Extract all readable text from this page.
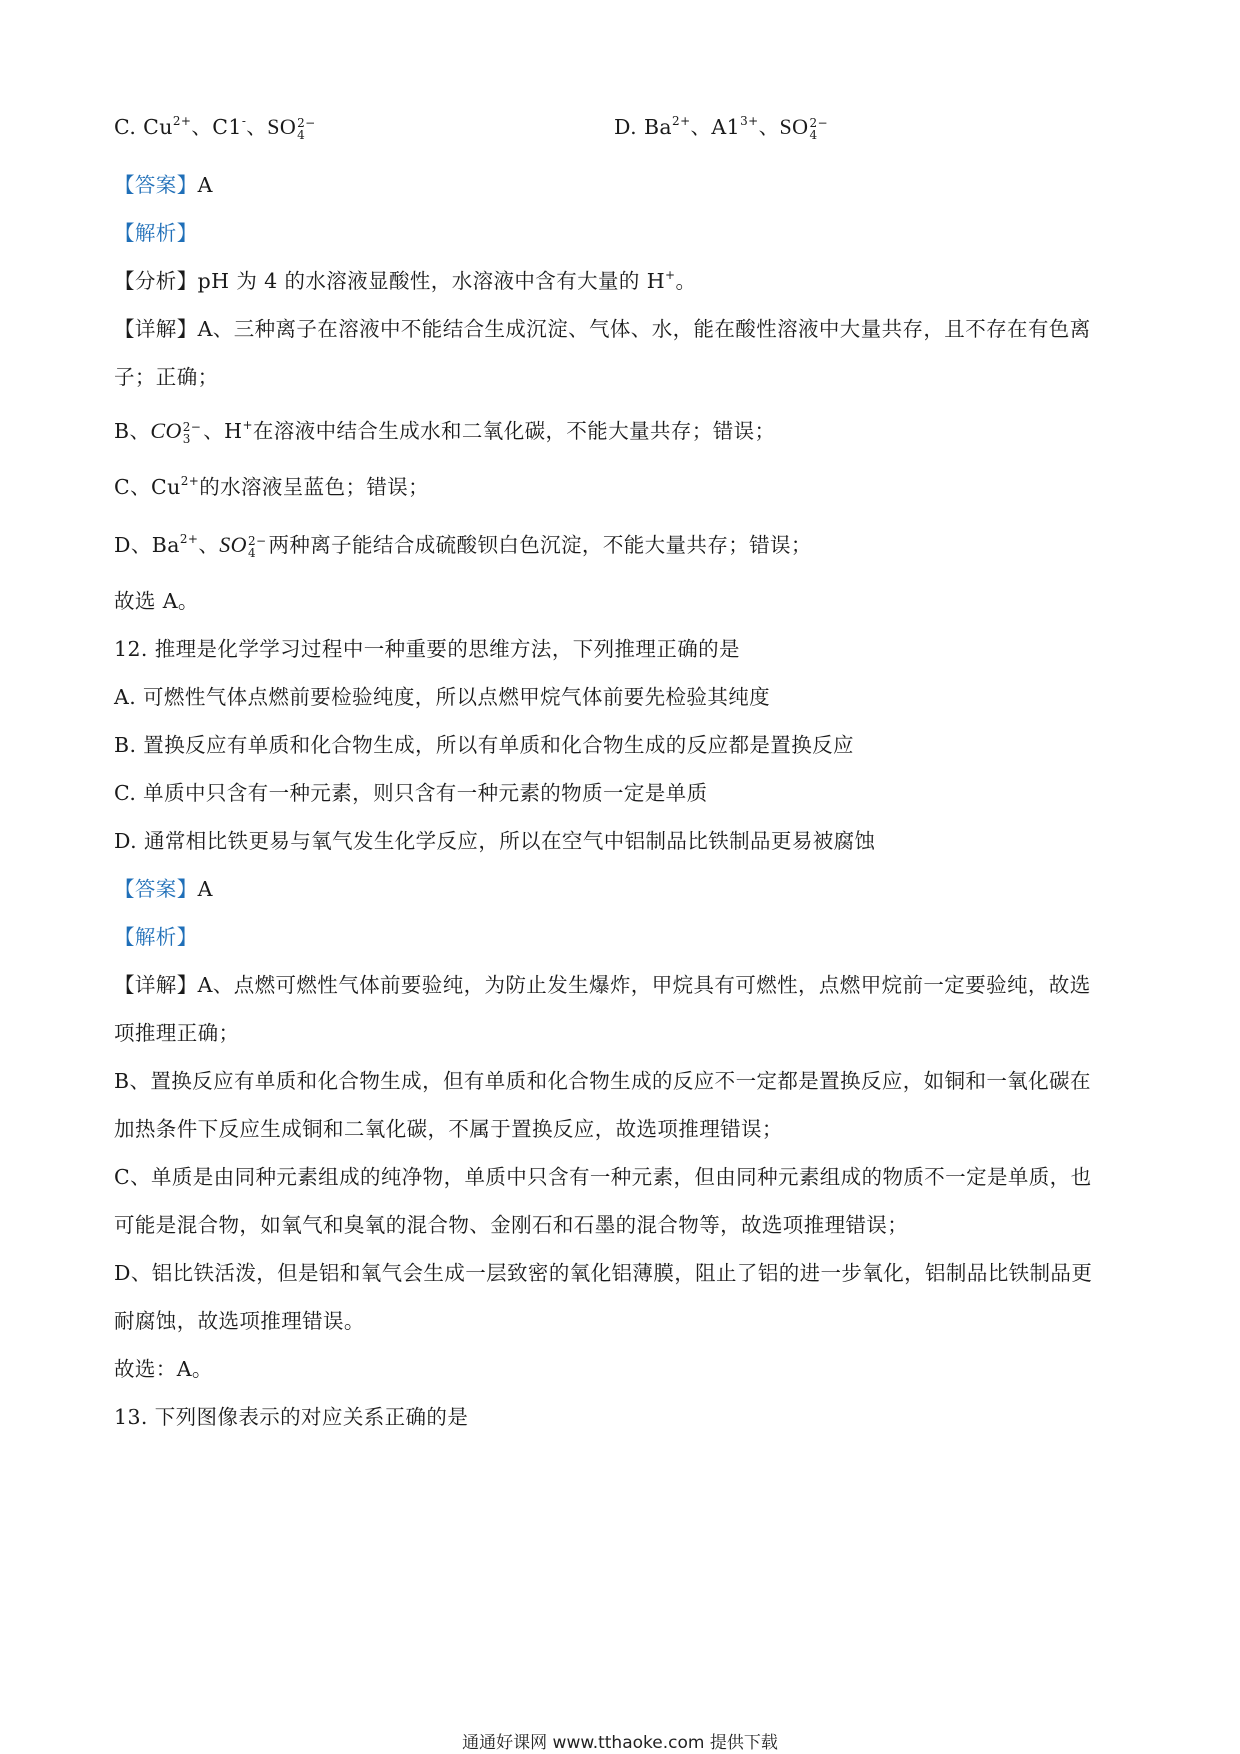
C. $Cu^{2+}$、C1-、SO 2−
4	D. $Ba^{2+}$、$A1^{3+}$、SO 2−
4
【答案】A
【解析】
【分析】pH 为 4 的水溶液显酸性，水溶液中含有大量的 H+。
【详解】A、三种离子在溶液中不能结合生成沉淀、气体、水，能在酸性溶液中大量共存，且不存在有色离
子；正确；
B、CO 2−
3 、H+在溶液中结合生成水和二氧化碳，不能大量共存；错误；
C、$Cu^{2+}$的水溶液呈蓝色；错误；
D、$Ba^{2+}$、SO 2−
4 两种离子能结合成硫酸钡白色沉淀，不能大量共存；错误；
故选 A。
12. 推理是化学学习过程中一种重要的思维方法，下列推理正确的是
A. 可燃性气体点燃前要检验纯度，所以点燃甲烷气体前要先检验其纯度
B. 置换反应有单质和化合物生成，所以有单质和化合物生成的反应都是置换反应
C. 单质中只含有一种元素，则只含有一种元素的物质一定是单质
D. 通常相比铁更易与氧气发生化学反应，所以在空气中铝制品比铁制品更易被腐蚀
【答案】A
【解析】
【详解】A、点燃可燃性气体前要验纯，为防止发生爆炸，甲烷具有可燃性，点燃甲烷前一定要验纯，故选
项推理正确；
B、置换反应有单质和化合物生成，但有单质和化合物生成的反应不一定都是置换反应，如铜和一氧化碳在
加热条件下反应生成铜和二氧化碳，不属于置换反应，故选项推理错误；
C、单质是由同种元素组成的纯净物，单质中只含有一种元素，但由同种元素组成的物质不一定是单质，也
可能是混合物，如氧气和臭氧的混合物、金刚石和石墨的混合物等，故选项推理错误；
D、铝比铁活泼，但是铝和氧气会生成一层致密的氧化铝薄膜，阻止了铝的进一步氧化，铝制品比铁制品更
耐腐蚀，故选项推理错误。
故选：A。
13. 下列图像表示的对应关系正确的是
通通好课网 www.tthaoke.com 提供下载
